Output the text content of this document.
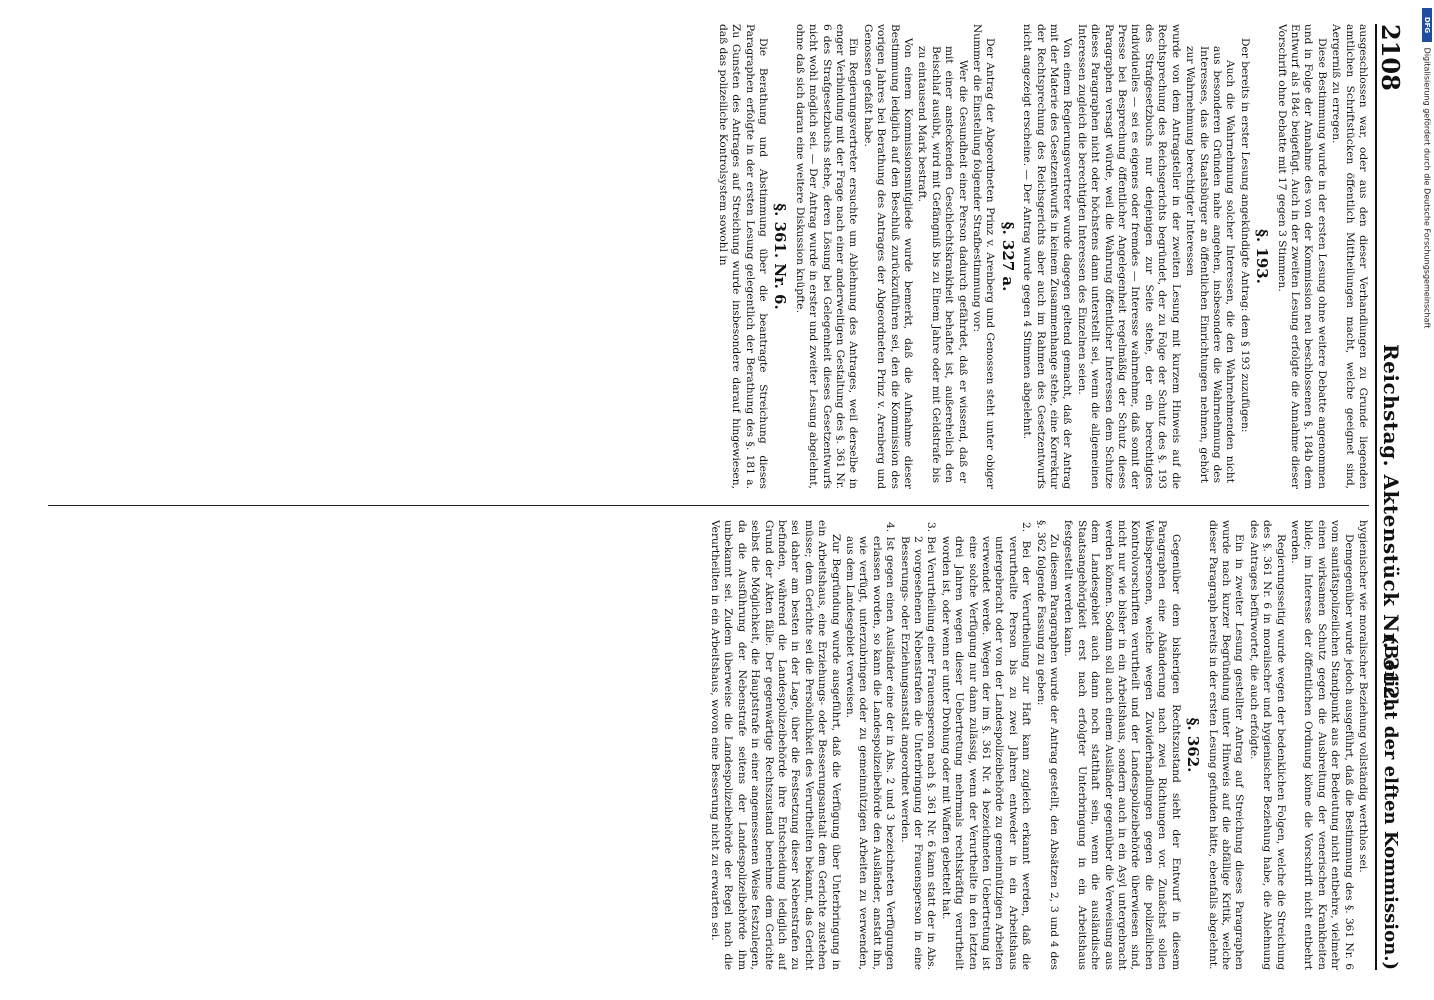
2108
Reichstag. Aktenstück Nr. 312.
(Bericht der elften Kommission.)

ausgeschlossen war, oder aus den dieser Verhandlungen zu Grunde liegenden amtlichen Schriftstücken öffentlich Mittheilungen macht, welche geeignet sind, Aergerniß zu erregen.

Diese Bestimmung wurde in der ersten Lesung ohne weitere Debatte angenommen und in Folge der Annahme des von der Kommission neu beschlossenen §. 184b dem Entwurf als 184c beigefügt. Auch in der zweiten Lesung erfolgte die Annahme dieser Vorschrift ohne Debatte mit 17 gegen 3 Stimmen.

§. 193.

Der bereits in erster Lesung angekündigte Antrag: dem § 193 zuzufügen:

Auch die Wahrnehmung solcher Interessen, die den Wahrnehmenden nicht aus besonderen Gründen nahe angehen, insbesondere die Wahrnehmung des Interesses, das die Staatsbürger an öffentlichen Einrichtungen nehmen, gehört zur Wahrnehmung berechtigter Interessen

wurde von dem Antragsteller in der zweiten Lesung mit kurzem Hinweis auf die Rechtsprechung des Reichsgerichts begründet, der zu Folge der Schutz des §. 193 des Strafgesetzbuchs nur denjenigen zur Seite stehe, der ein berechtigtes individuelles — sei es eigenes oder fremdes — Interesse wahrnehme, daß somit der Presse bei Besprechung öffentlicher Angelegenheit regelmäßig der Schutz dieses Paragraphen versagt würde, weil die Wahrung öffentlicher Interessen dem Schutze dieses Paragraphen nicht oder höchstens dann unterstellt sei, wenn die allgemeinen Interessen zugleich die berechtigten Interessen des Einzelnen seien.

Von einem Regierungsvertreter wurde dagegen geltend gemacht, daß der Antrag mit der Materie des Gesetzentwurfs in keinem Zusammenhange stehe, eine Korrektur der Rechtsprechung des Reichsgerichts aber auch im Rahmen des Gesetzentwurfs nicht angezeigt erscheine. — Der Antrag wurde gegen 4 Stimmen abgelehnt.

§. 327 a.

Der Antrag der Abgeordneten Prinz v. Arenberg und Genossen steht unter obiger Nummer die Einstellung folgender Strafbestimmung vor:

Wer die Gesundheit einer Person dadurch gefährdet, daß er wissend, daß er mit einer ansteckenden Geschlechtskrankheit behaftet ist, außerehelich den Beischlaf ausübt, wird mit Gefängniß bis zu Einem Jahre oder mit Geldstrafe bis zu eintausend Mark bestraft.

Von einem Kommissionsmitgliede wurde bemerkt, daß die Aufnahme dieser Bestimmung lediglich auf den Beschluß zurückzuführen sei, den die Kommission des vorigen Jahres bei Berathung des Antrages der Abgeordneten Prinz v. Arenberg und Genossen gefaßt habe.

Ein Regierungsvertreter ersuchte um Ablehnung des Antrages, weil derselbe in enger Verbindung mit der Frage nach einer anderweitigen Gestaltung des §. 361 Nr. 6 des Strafgesetzbuchs stehe, deren Lösung bei Gelegenheit dieses Gesetzentwurfs nicht wohl möglich sei. — Der Antrag wurde in erster und zweiter Lesung abgelehnt, ohne daß sich daran eine weitere Diskussion knüpfte.

§. 361. Nr. 6.

Die Berathung und Abstimmung über die beantragte Streichung dieses Paragraphen erfolgte in der ersten Lesung gelegentlich der Berathung des §. 181 a. Zu Gunsten des Antrages auf Streichung wurde insbesondere darauf hingewiesen, daß das polizeiliche Kontrolsystem sowohl in

hygienischer wie moralischer Beziehung vollständig werthlos sei.

Demgegenüber wurde jedoch ausgeführt, daß die Bestimmung des §. 361 Nr. 6 vom sanitätspolizeilichen Standpunkt aus der Bedeutung nicht entbehre, vielmehr einen wirksamen Schutz gegen die Ausbreitung der venerischen Krankheiten bilde; im Interesse der öffentlichen Ordnung könne die Vorschrift nicht entbehrt werden.

Regierungsseitig wurde wegen der bedenklichen Folgen, welche die Streichung des §. 361 Nr. 6 in moralischer und hygienischer Beziehung habe, die Ablehnung des Antrages befürwortet, die auch erfolgte.

Ein in zweiter Lesung gestellter Antrag auf Streichung dieses Paragraphen wurde nach kurzer Begründung unter Hinweis auf die abfällige Kritik, welche dieser Paragraph bereits in der ersten Lesung gefunden hätte, ebenfalls abgelehnt.

§. 362.

Gegenüber dem bisherigen Rechtszustand sieht der Entwurf in diesem Paragraphen eine Abänderung nach zwei Richtungen vor. Zunächst sollen Weibspersonen, welche wegen Zuwiderhandlungen gegen die polizeilichen Kontrolvorschriften verurtheilt und der Landespolizeibehörde überwiesen sind, nicht nur wie bisher in ein Arbeitshaus, sondern auch in ein Asyl untergebracht werden können. Sodann soll auch einem Ausländer gegenüber die Verweisung aus dem Landesgebiet auch dann noch statthaft sein, wenn die ausländische Staatsangehörigkeit erst nach erfolgter Unterbringung in ein Arbeitshaus festgestellt werden kann.

Zu diesem Paragraphen wurde der Antrag gestellt, den Absätzen 2, 3 und 4 des §. 362 folgende Fassung zu geben:

2. Bei der Verurtheilung zur Haft kann zugleich erkannt werden, daß die verurtheilte Person bis zu zwei Jahren entweder in ein Arbeitshaus untergebracht oder von der Landespolizeibehörde zu gemeinnützigen Arbeiten verwendet werde. Wegen der im §. 361 Nr. 4 bezeichneten Uebertretung ist eine solche Verfügung nur dann zulässig, wenn der Verurtheilte in den letzten drei Jahren wegen dieser Uebertretung mehrmals rechtskräftig verurtheilt worden ist, oder wenn er unter Drohung oder mit Waffen gebettelt hat.

3. Bei Verurtheilung einer Frauensperson nach §. 361 Nr. 6 kann statt der in Abs. 2 vorgesehenen Nebenstrafen die Unterbringung der Frauensperson in eine Besserungs- oder Erziehungsanstalt angeordnet werden.

4. Ist gegen einen Ausländer eine der in Abs. 2 und 3 bezeichneten Verfügungen erlassen worden, so kann die Landespolizeibehörde den Ausländer, anstatt ihn, wie verfügt, unterzubringen oder zu gemeinnützigen Arbeiten zu verwenden, aus dem Landesgebiet verweisen.

Zur Begründung wurde ausgeführt, daß die Verfügung über Unterbringung in ein Arbeitshaus, eine Erziehungs- oder Besserungsanstalt dem Gerichte zustehen müsse; dem Gerichte sei die Persönlichkeit des Verurtheilten bekannt, das Gericht sei daher am besten in der Lage, über die Festsetzung dieser Nebenstrafen zu befinden, während die Landespolizeibehörde ihre Entscheidung lediglich auf Grund der Akten fälle. Der gegenwärtige Rechtszustand benehme dem Gerichte selbst die Möglichkeit, die Hauptstrafe in einer angemessenen Weise festzulegen, da die Ausführung der Nebenstrafe seitens der Landespolizeibehörde ihm unbekannt sei. Zudem überweise die Landespolizeibehörde der Regel nach die Verurtheilten in ein Arbeitshaus, wovon eine Besserung nicht zu erwarten sei.

DFG
Digitalisierung gefördert durch die Deutsche Forschungsgemeinschaft
